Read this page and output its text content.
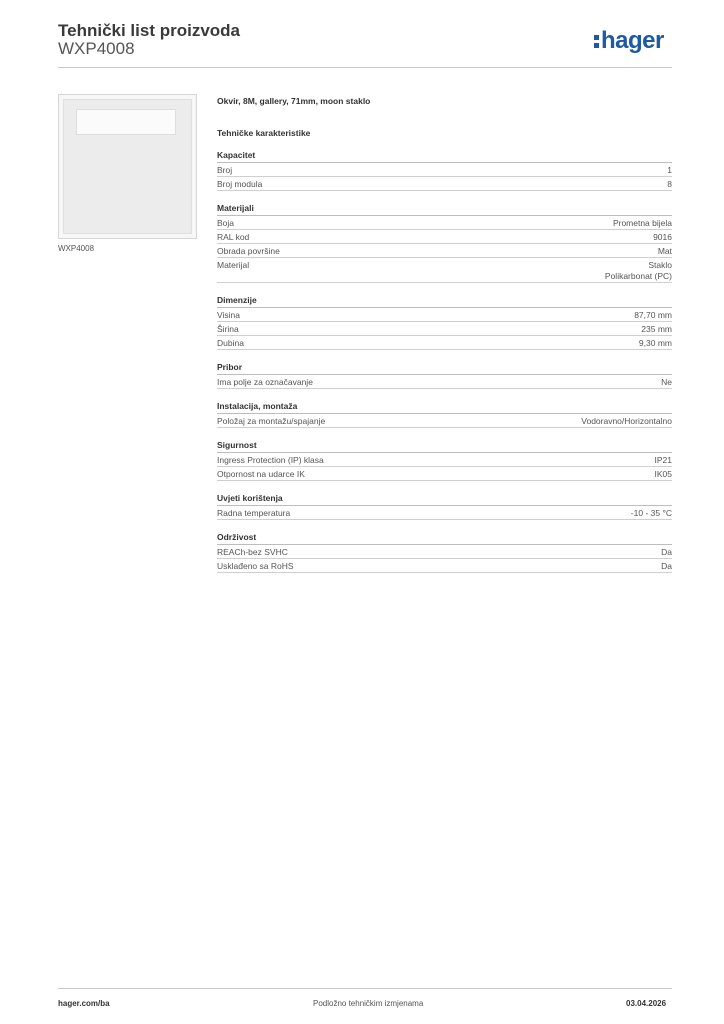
Tehnički list proizvoda
WXP4008	hager
WXP4008
Okvir, 8M, gallery, 71mm, moon staklo
Tehničke karakteristike
Kapacitet
Broj	1
Broj modula	8
Materijali
Boja	Prometna bijela
RAL kod	9016
Obrada površine	Mat
Materijal	Staklo
Polikarbonat (PC)
Dimenzije
Visina	87,70 mm
Širina	235 mm
Dubina	9,30 mm
Pribor
Ima polje za označavanje	Ne
Instalacija, montaža
Položaj za montažu/spajanje	Vodoravno/Horizontalno
Sigurnost
Ingress Protection (IP) klasa	IP21
Otpornost na udarce IK	IK05
Uvjeti korištenja
Radna temperatura	-10 - 35 °C
Održivost
REACh-bez SVHC	Da
Usklađeno sa RoHS	Da
hager.com/ba	Podložno tehničkim izmjenama	03.04.2026
